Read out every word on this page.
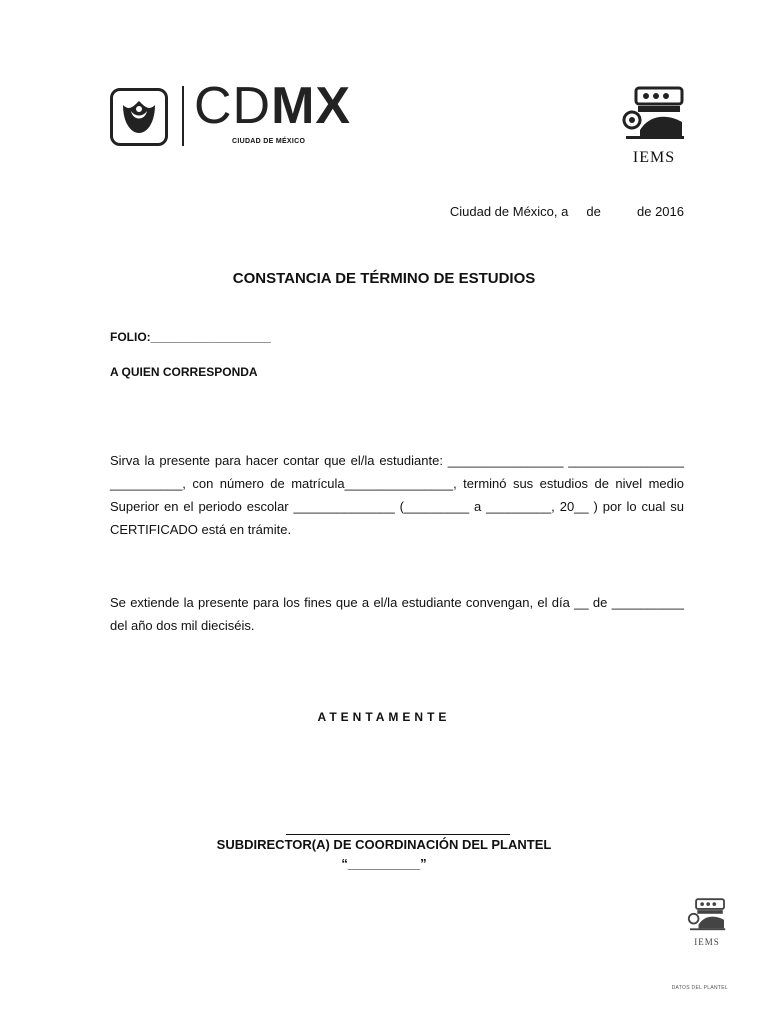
CDMX
CIUDAD DE MÉXICO
IEMS
Ciudad de México, a     de          de 2016
CONSTANCIA DE TÉRMINO DE ESTUDIOS
FOLIO:__________________
A QUIEN CORRESPONDA
Sirva la presente para hacer contar que el/la estudiante: ________________ ________________ __________, con número de matrícula_______________, terminó sus estudios de nivel medio Superior en el periodo escolar ______________ (_________ a _________, 20__ ) por lo cual su CERTIFICADO está en trámite.
Se extiende la presente para los fines que a el/la estudiante convengan, el día __ de __________ del año dos mil dieciséis.
ATENTAMENTE
SUBDIRECTOR(A) DE COORDINACIÓN DEL PLANTEL
“__________”
IEMS
DATOS DEL PLANTEL
